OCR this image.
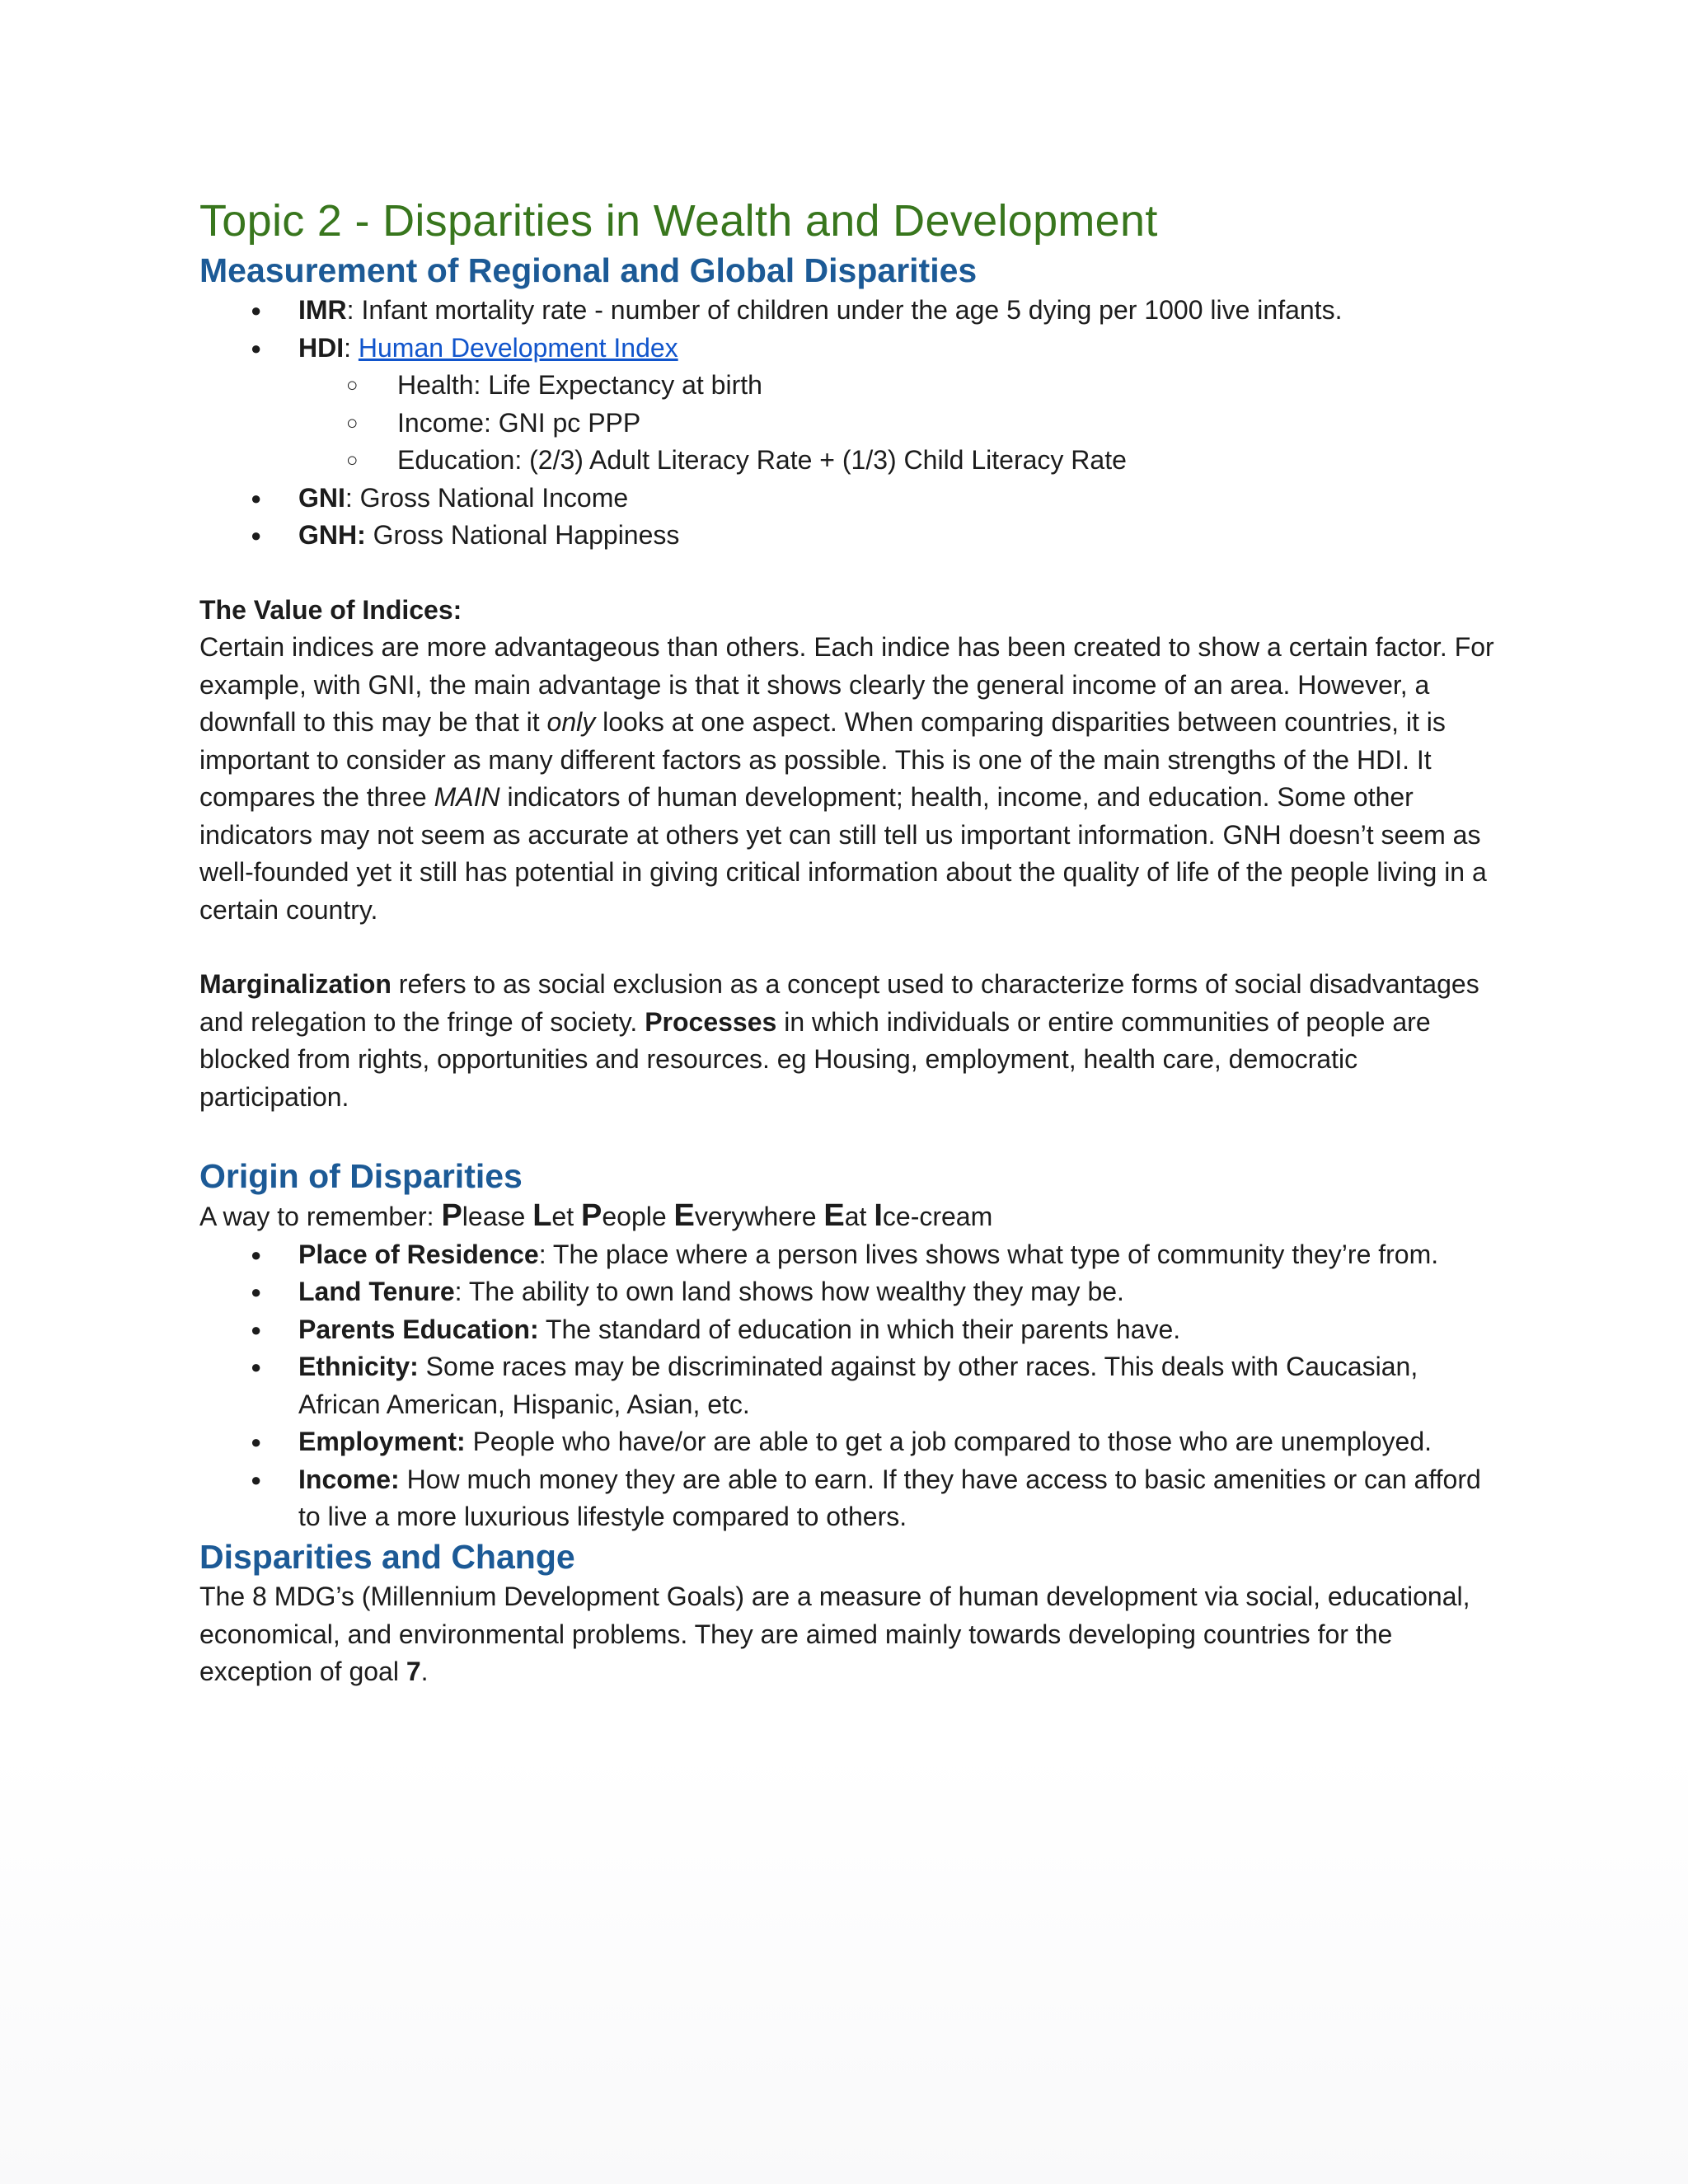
Topic 2 - Disparities in Wealth and Development
Measurement of Regional and Global Disparities
● IMR: Infant mortality rate - number of children under the age 5 dying per 1000 live infants.
● HDI: Human Development Index
○ Health: Life Expectancy at birth
○ Income: GNI pc PPP
○ Education: (2/3) Adult Literacy Rate + (1/3) Child Literacy Rate
● GNI: Gross National Income
● GNH: Gross National Happiness

The Value of Indices:

Certain indices are more advantageous than others. Each indice has been created to show a certain factor. For example, with GNI, the main advantage is that it shows clearly the general income of an area. However, a downfall to this may be that it only looks at one aspect. When comparing disparities between countries, it is important to consider as many different factors as possible. This is one of the main strengths of the HDI. It compares the three MAIN indicators of human development; health, income, and education. Some other indicators may not seem as accurate at others yet can still tell us important information. GNH doesn’t seem as well-founded yet it still has potential in giving critical information about the quality of life of the people living in a certain country.

Marginalization refers to as social exclusion as a concept used to characterize forms of social disadvantages and relegation to the fringe of society. Processes in which individuals or entire communities of people are blocked from rights, opportunities and resources. eg Housing, employment, health care, democratic participation.

Origin of Disparities

A way to remember: Please Let People Everywhere Eat Ice-cream

● Place of Residence: The place where a person lives shows what type of community they’re from.
● Land Tenure: The ability to own land shows how wealthy they may be.
● Parents Education: The standard of education in which their parents have.
● Ethnicity: Some races may be discriminated against by other races. This deals with Caucasian, African American, Hispanic, Asian, etc.
● Employment: People who have/or are able to get a job compared to those who are unemployed.
● Income: How much money they are able to earn. If they have access to basic amenities or can afford to live a more luxurious lifestyle compared to others.
Disparities and Change

The 8 MDG’s (Millennium Development Goals) are a measure of human development via social, educational, economical, and environmental problems. They are aimed mainly towards developing countries for the exception of goal 7.
